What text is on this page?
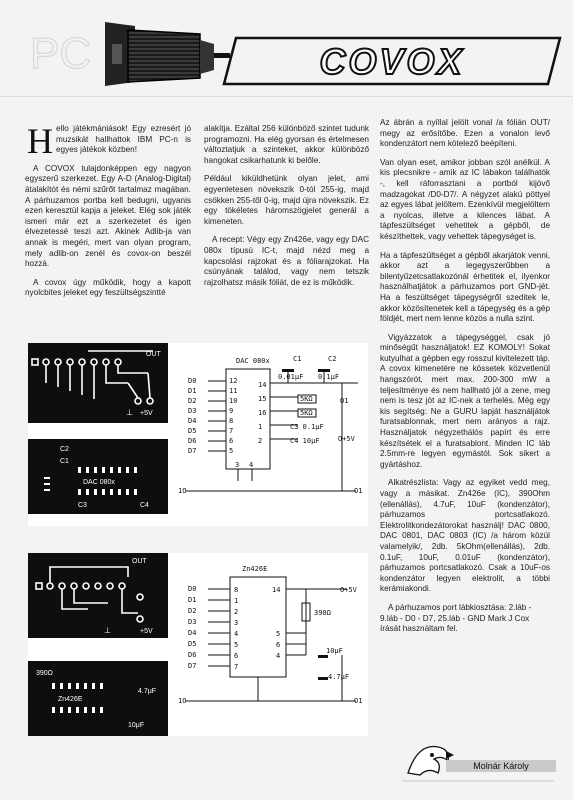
PC	COVOX

Hello játékmániások! Egy ezresért jó muzsikát hallhattok IBM PC-n is egyes játékok közben!

A COVOX tulajdonképpen egy nagyon egyszerű szerkezet. Egy A-D (Analog-Digital) átalakítót és némi szűrőt tartalmaz magában. A párhuzamos portba kell bedugni, ugyanis ezen keresztül kapja a jeleket. Elég sok játék ismeri már ezt a szerkezetet és igen élvezetessé teszi azt. Akinek Adlib-ja van annak is megéri, mert van olyan program, mely adlib-on zenél és covox-on beszél hozzá.

A covox úgy működik, hogy a kapott nyolcbites jeleket egy feszültségszintté

alakítja. Ezáltal 256 különböző szintet tudunk programozni. Ha elég gyorsan és értelmesen változtatjuk a szinteket, akkor különböző hangokat csikarhatunk ki belőle.

Például kiküldhetünk olyan jelet, ami egyenletesen növekszik 0-tól 255-ig, majd csökken 255-től 0-ig, majd újra növekszik. Ez egy tökéletes háromszögjelet generál a kimeneten.

A recept: Végy egy Zn426e, vagy egy DAC 080x típusú IC-t, majd nézd meg a kapcsolási rajzokat és a fóliarajzokat. Ha csúnyának találod, vagy nem tetszik rajzolhatsz másik fóliát, de ez is működik.

Az ábrán a nyíllal jelölt vonal /a fólián OUT/ megy az erősítőbe. Ezen a vonalon levő kondenzátort nem kötelező beépíteni.

Van olyan eset, amikor jobban szól anélkül. A kis plecsnikre - amik az IC lábakon találhatók -, kell ráforrasztani a portból kijövő madzagokat /D0-D7/. A négyzet alakú pöttyel az egyes lábat jelöltem. Ezenkívül megjelöltem a nyolcas, illetve a kilences lábat. A tápfeszültséget vehetitek a gépből, de készíthettek, vagy vehettek tápegységet is.

Ha a tápfeszültséget a gépből akarjátok venni, akkor azt a legegyszerűbben a bilentyűzetcsatlakozónál érhetitek el, ilyenkor használhatjátok a párhuzamos port GND-jét. Ha a feszültséget tápegységről szeditek le, akkor közösítenetek kell a tápegység és a gép földjét, mert nem lenne közös a nulla szint.

Vigyázzatok a tápegységgel, csak jó minőségűt használjatok! EZ KOMOLY! Sokat kutyulhat a gépben egy rosszul kivitelezett táp. A covox kimenetére ne kössetek közvetlenül hangszórót, mert max. 200-300 mW a teljesítménye és nem hallható jól a zene, meg nem is tesz jót az IC-nek a terhelés. Még egy kis segítség: Ne a GURU lapját használjátok furatsablonnak, mert nem arányos a rajz. Használjatok négyzethálós papírt és erre készítsétek el a furatsablont. Minden IC láb 2.5mm-re legyen egymástól. Sok sikert a gyártáshoz.

Alkatrészlista: Vagy az egyiket vedd meg, vagy a másikat. Zn426e (IC), 390Ohm (ellenállás), 4.7uF, 10uF (kondenzátor), párhuzamos portcsatlakozó. Elektrolitkondezátorokat használj! DAC 0800, DAC 0801, DAC 0803 (IC) /a három közül valamelyik/, 2db. 5kOhm(ellenállás), 2db. 0.1uF, 10uF, 0.01uF (kondenzátor), párhuzamos portcsatlakozó. Csak a 10uF-os kondenzátor legyen elektrolit, a többi kerámiakondi.

A párhuzamos port lábkiosztása: 2.láb - 9.láb - D0 - D7, 25.láb - GND Mark J Cox írását használtam fel.

OUT
+5V
⊥
C2
C1
DAC 080x
C3	C4
DAC 080x	C1	C2
0.01μF 0.1μF
5KΩ
5KΩ
C3 0.1μF
C4 10μF
O1
O+5V
1O	O1
D0
D1
D2
D3
D4
D5
D6
D7
12
11
10
9
8
7
6
5
14
15
16
1
2
3 4
OUT
+5V
⊥
390Ω
Zn426E
4.7μF
10μF
Zn426E
390Ω
10μF
4.7μF
O+5V
1O	O1
D0
D1
D2
D3
D4
D5
D6
D7
8
1
2
3
4
5
6
7
14
5
6
4
Molnár Károly
